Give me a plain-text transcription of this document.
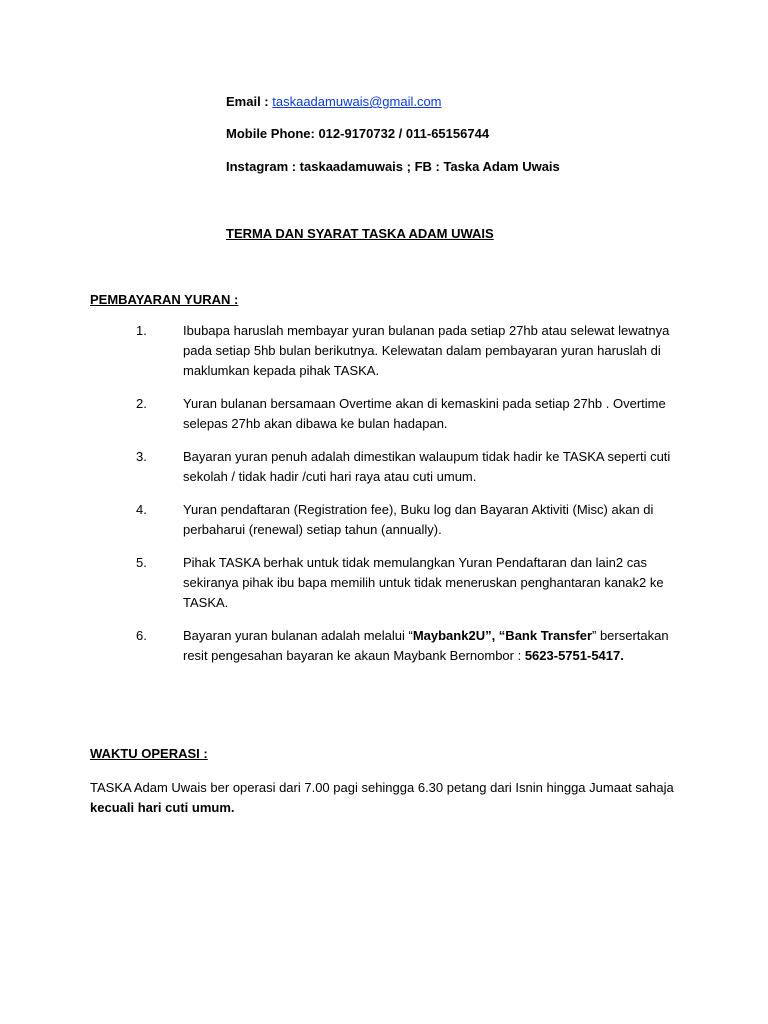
Email : taskaadamuwais@gmail.com
Mobile Phone: 012-9170732 / 011-65156744
Instagram : taskaadamuwais ; FB : Taska Adam Uwais
TERMA DAN SYARAT TASKA ADAM UWAIS
PEMBAYARAN YURAN :
1.	Ibubapa haruslah membayar yuran bulanan pada setiap 27hb atau selewat lewatnya
pada setiap 5hb bulan berikutnya. Kelewatan dalam pembayaran yuran haruslah di
maklumkan kepada pihak TASKA.
2.	Yuran bulanan bersamaan Overtime akan di kemaskini pada setiap 27hb . Overtime
selepas 27hb akan dibawa ke bulan hadapan.
3.	Bayaran yuran penuh adalah dimestikan walaupum tidak hadir ke TASKA seperti cuti
sekolah / tidak hadir /cuti hari raya atau cuti umum.
4.	Yuran pendaftaran (Registration fee), Buku log dan Bayaran Aktiviti (Misc) akan di
perbaharui (renewal) setiap tahun (annually).
5.	Pihak TASKA berhak untuk tidak memulangkan Yuran Pendaftaran dan lain2 cas
sekiranya pihak ibu bapa memilih untuk tidak meneruskan penghantaran kanak2 ke
TASKA.
6.	Bayaran yuran bulanan adalah melalui “Maybank2U”, “Bank Transfer” bersertakan
resit pengesahan bayaran ke akaun Maybank Bernombor : 5623-5751-5417.
WAKTU OPERASI :
TASKA Adam Uwais ber operasi dari 7.00 pagi sehingga 6.30 petang dari Isnin hingga Jumaat sahaja
kecuali hari cuti umum.
